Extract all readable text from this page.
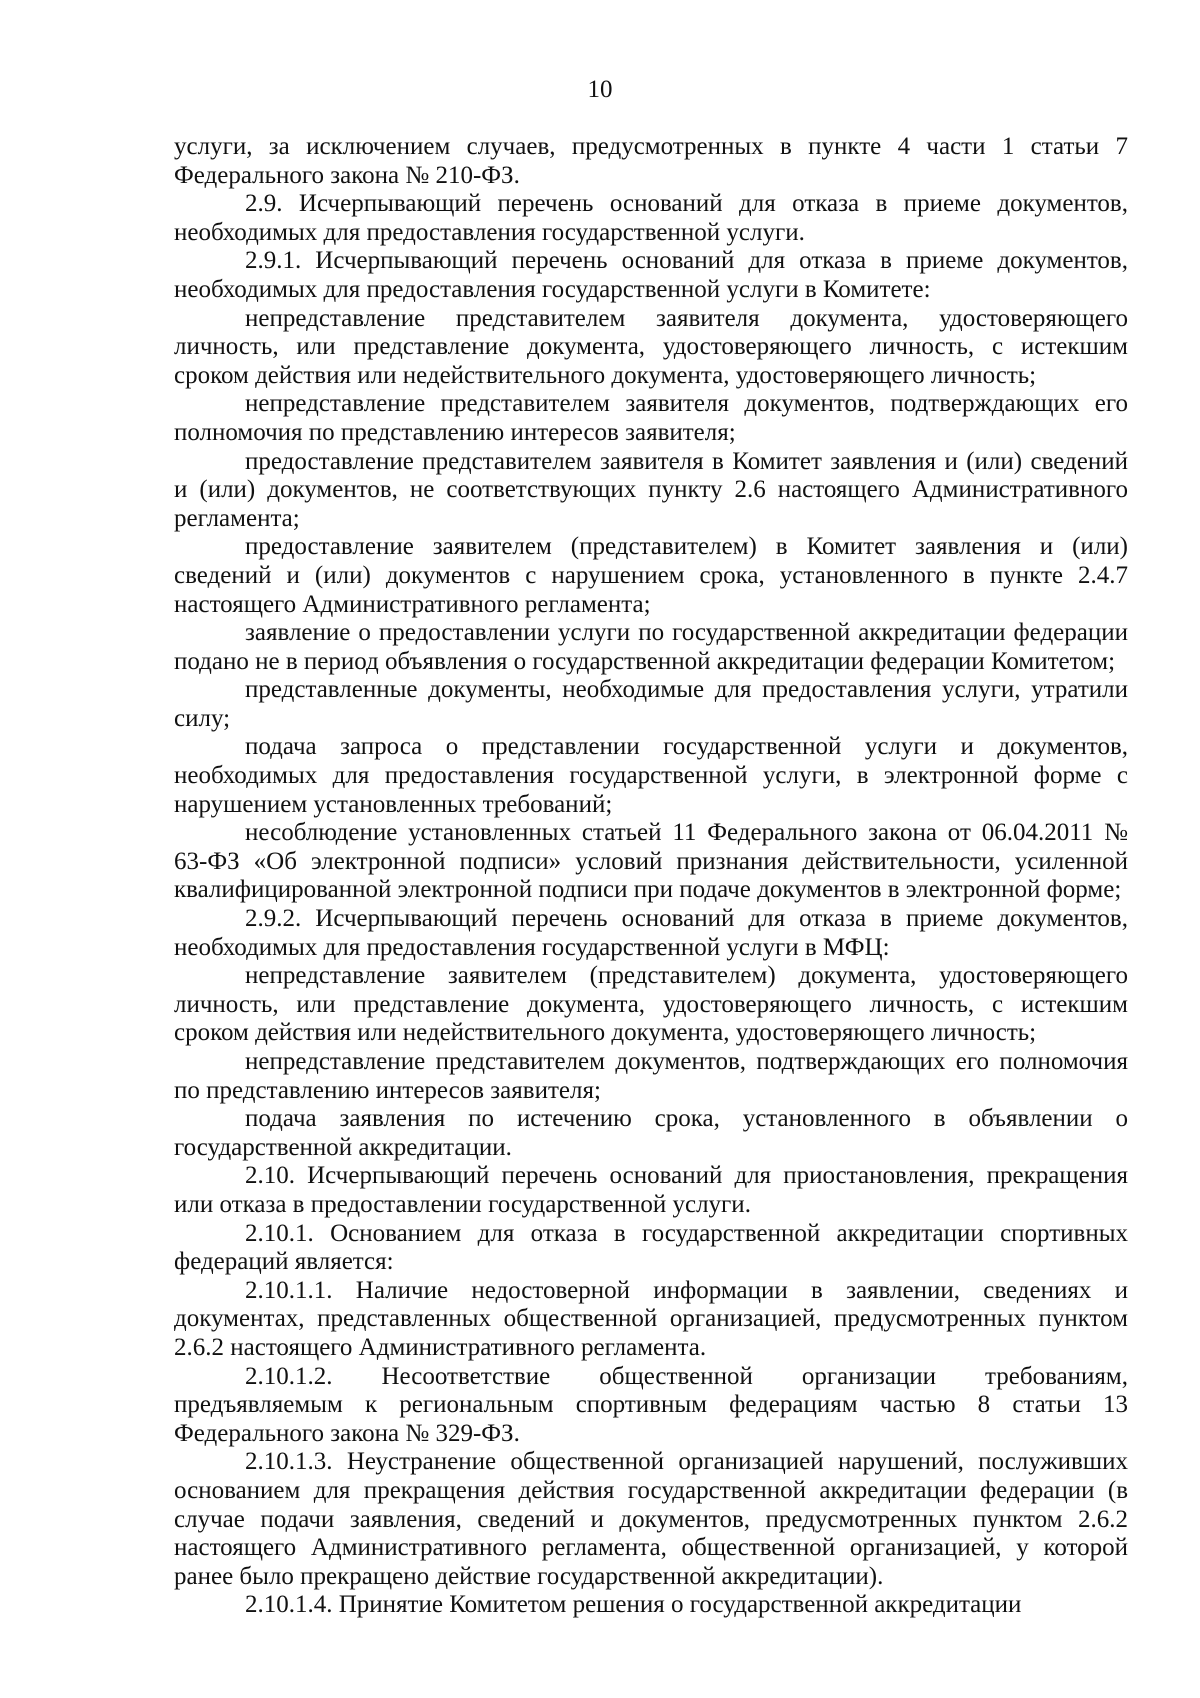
10

услуги, за исключением случаев, предусмотренных в пункте 4 части 1 статьи 7 Федерального закона № 210-ФЗ.

2.9. Исчерпывающий перечень оснований для отказа в приеме документов, необходимых для предоставления государственной услуги.

2.9.1. Исчерпывающий перечень оснований для отказа в приеме документов, необходимых для предоставления государственной услуги в Комитете:

непредставление представителем заявителя документа, удостоверяющего личность, или представление документа, удостоверяющего личность, с истекшим сроком действия или недействительного документа, удостоверяющего личность;

непредставление представителем заявителя документов, подтверждающих его полномочия по представлению интересов заявителя;

предоставление представителем заявителя в Комитет заявления и (или) сведений и (или) документов, не соответствующих пункту 2.6 настоящего Административного регламента;

предоставление заявителем (представителем) в Комитет заявления и (или) сведений и (или) документов с нарушением срока, установленного в пункте 2.4.7 настоящего Административного регламента;

заявление о предоставлении услуги по государственной аккредитации федерации подано не в период объявления о государственной аккредитации федерации Комитетом;

представленные документы, необходимые для предоставления услуги, утратили силу;

подача запроса о представлении государственной услуги и документов, необходимых для предоставления государственной услуги, в электронной форме с нарушением установленных требований;

несоблюдение установленных статьей 11 Федерального закона от 06.04.2011 № 63-ФЗ «Об электронной подписи» условий признания действительности, усиленной квалифицированной электронной подписи при подаче документов в электронной форме;

2.9.2. Исчерпывающий перечень оснований для отказа в приеме документов, необходимых для предоставления государственной услуги в МФЦ:

непредставление заявителем (представителем) документа, удостоверяющего личность, или представление документа, удостоверяющего личность, с истекшим сроком действия или недействительного документа, удостоверяющего личность;

непредставление представителем документов, подтверждающих его полномочия по представлению интересов заявителя;

подача заявления по истечению срока, установленного в объявлении о государственной аккредитации.

2.10. Исчерпывающий перечень оснований для приостановления, прекращения или отказа в предоставлении государственной услуги.

2.10.1. Основанием для отказа в государственной аккредитации спортивных федераций является:

2.10.1.1. Наличие недостоверной информации в заявлении, сведениях и документах, представленных общественной организацией, предусмотренных пунктом 2.6.2 настоящего Административного регламента.

2.10.1.2. Несоответствие общественной организации требованиям, предъявляемым к региональным спортивным федерациям частью 8 статьи 13 Федерального закона № 329-ФЗ.

2.10.1.3. Неустранение общественной организацией нарушений, послуживших основанием для прекращения действия государственной аккредитации федерации (в случае подачи заявления, сведений и документов, предусмотренных пунктом 2.6.2 настоящего Административного регламента, общественной организацией, у которой ранее было прекращено действие государственной аккредитации).

2.10.1.4. Принятие Комитетом решения о государственной аккредитации
